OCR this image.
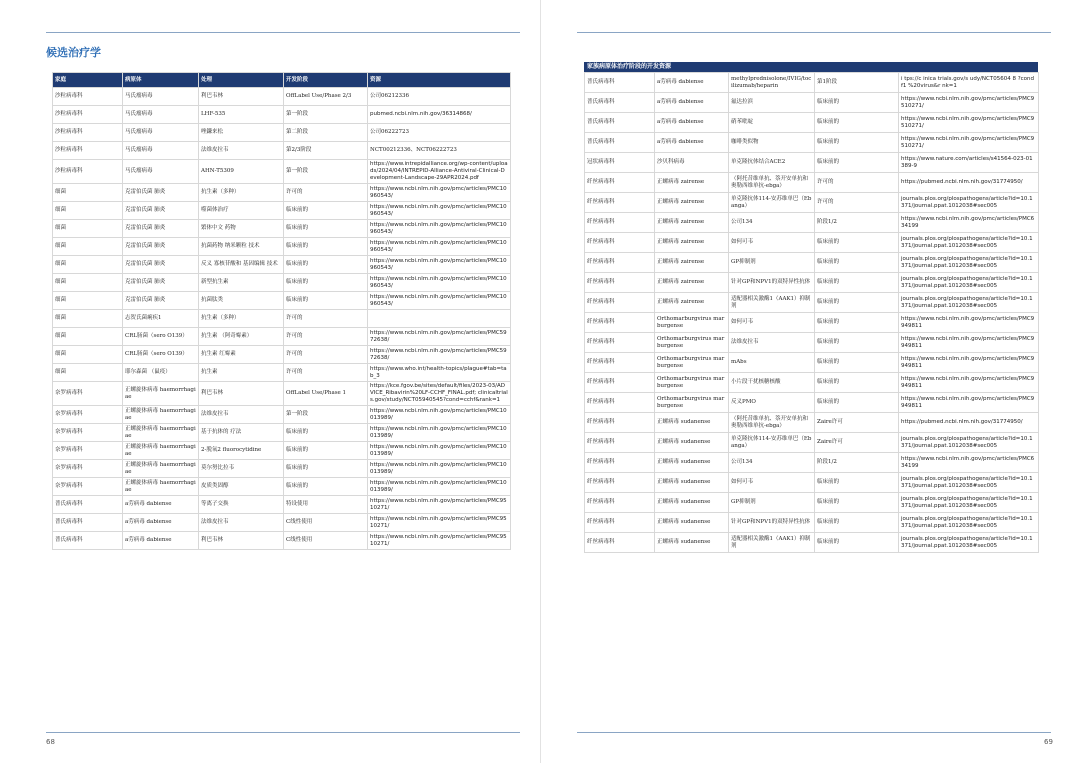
候选治疗学
家庭	病原体	处理	开发阶段	资源
沙粒病毒科	马氏瘤病毒	利巴韦林	OffLabel Use/Phase 2/3	公司06212336
沙粒病毒科	马氏瘤病毒	LHF-535	第一阶段	pubmed.ncbi.nlm.nih.gov/36314868/
沙粒病毒科	马氏瘤病毒	唑鎌来松	第二阶段	公司06222723
沙粒病毒科	马氏瘤病毒	法维皮拉韦	第2/3阶段	NCT00212336、NCT06222723
沙粒病毒科	马氏瘤病毒	AHN-T5309	第一阶段	https://www.intrepidalliance.org/wp-content/uploads/2024/04/INTREPID-Alliance-Antiviral-Clinical-Development-Landscape-29APR2024.pdf
细菌	克雷伯氏菌 肺炎	抗生素（多种）	许可的	https://www.ncbi.nlm.nih.gov/pmc/articles/PMC10960543/
细菌	克雷伯氏菌 肺炎	噬菌体治疗	临床前的	https://www.ncbi.nlm.nih.gov/pmc/articles/PMC10960543/
细菌	克雷伯氏菌 肺炎	繁体中文 药物	临床前的	https://www.ncbi.nlm.nih.gov/pmc/articles/PMC10960543/
细菌	克雷伯氏菌 肺炎	抗菌药物 纳米颗粒 技术	临床前的	https://www.ncbi.nlm.nih.gov/pmc/articles/PMC10960543/
细菌	克雷伯氏菌 肺炎	反义 寡核苷酸和 基因编辑 技术	临床前的	https://www.ncbi.nlm.nih.gov/pmc/articles/PMC10960543/
细菌	克雷伯氏菌 肺炎	新型抗生素	临床前的	https://www.ncbi.nlm.nih.gov/pmc/articles/PMC10960543/
细菌	克雷伯氏菌 肺炎	抗菌肽类	临床前的	https://www.ncbi.nlm.nih.gov/pmc/articles/PMC10960543/
细菌	志贺氏菌痢疾1	抗生素（多种）	许可的	
细菌	CRL肠菌（sero O139）	抗生素 （阿奇霉素）	许可的	https://www.ncbi.nlm.nih.gov/pmc/articles/PMC5972638/
细菌	CRL肠菌（sero O139）	抗生素 红霉素	许可的	https://www.ncbi.nlm.nih.gov/pmc/articles/PMC5972638/
细菌	耶尔森菌 （鼠疫）	抗生素	许可的	https://www.who.int/health-topics/plague#tab=tab_3
奈罗病毒科	正螺旋体病毒 haemorrhagiae	利巴韦林	OffLabel Use/Phase 1	https://kce.fgov.be/sites/default/files/2023-03/ADVICE_Ribavirin%20LF-CCHF_FINAL.pdf; clinicaltrials.gov/study/NCT05940545?cond=cchf&rank=1
奈罗病毒科	正螺旋体病毒 haemorrhagiae	法维皮拉韦	第一阶段	https://www.ncbi.nlm.nih.gov/pmc/articles/PMC10013989/
奈罗病毒科	正螺旋体病毒 haemorrhagiae	基于抗体的 疗法	临床前的	https://www.ncbi.nlm.nih.gov/pmc/articles/PMC10013989/
奈罗病毒科	正螺旋体病毒 haemorrhagiae	2-脱氧2 fluorocytidine	临床前的	https://www.ncbi.nlm.nih.gov/pmc/articles/PMC10013989/
奈罗病毒科	正螺旋体病毒 haemorrhagiae	莫尔努比拉韦	临床前的	https://www.ncbi.nlm.nih.gov/pmc/articles/PMC10013989/
奈罗病毒科	正螺旋体病毒 haemorrhagiae	皮质类固醇	临床前的	https://www.ncbi.nlm.nih.gov/pmc/articles/PMC10013989/
普氏病毒科	a劳病毒 dabiense	等离子交换	特设使用	https://www.ncbi.nlm.nih.gov/pmc/articles/PMC9510271/
普氏病毒科	a劳病毒 dabiense	法维皮拉韦	C线性使用	https://www.ncbi.nlm.nih.gov/pmc/articles/PMC9510271/
普氏病毒科	a劳病毒 dabiense	利巴韦林	C线性使用	https://www.ncbi.nlm.nih.gov/pmc/articles/PMC9510271/
68	69
家族病原体治疗阶段的开发资源
普氏病毒科	a劳病毒 dabiense	methylprednisolone/IVIG/tocilizumab/heparin	第1阶段	i tps://c inica trials.gov/s udy/NCT05604 8 ?cond f1 %20virus&r nk=1
普氏病毒科	a劳病毒 dabiense	氟达拉滨	临床前的	https://www.ncbi.nlm.nih.gov/pmc/articles/PMC9510271/
普氏病毒科	a劳病毒 dabiense	硝苯吡啶	临床前的	https://www.ncbi.nlm.nih.gov/pmc/articles/PMC9510271/
普氏病毒科	a劳病毒 dabiense	咖啡类似物	临床前的	https://www.ncbi.nlm.nih.gov/pmc/articles/PMC9510271/
冠状病毒科	沙贝科病毒	单克隆抗体结合ACE2	临床前的	https://www.nature.com/articles/s41564-023-01389-9
纤丝病毒科	正螺病毒 zairense	（阿托昔维单抗、萘开安单抗和奥勒西维单抗-ebga）	许可的	https://pubmed.ncbi.nlm.nih.gov/31774950/
纤丝病毒科	正螺病毒 zairense	单克隆抗体114-安苏维单巴（Ebanga）	许可的	journals.plos.org/plospathogens/article?id=10.1371/journal.ppat.1012038#sec005
纤丝病毒科	正螺病毒 zairense	公司134	阶段1/2	https://www.ncbi.nlm.nih.gov/pmc/articles/PMC634199
纤丝病毒科	正螺病毒 zairense	如何可韦	临床前的	journals.plos.org/plospathogens/article?id=10.1371/journal.ppat.1012038#sec005
纤丝病毒科	正螺病毒 zairense	GP抑制剂	临床前的	journals.plos.org/plospathogens/article?id=10.1371/journal.ppat.1012038#sec005
纤丝病毒科	正螺病毒 zairense	针对GP和NPV1的双特异性抗体	临床前的	journals.plos.org/plospathogens/article?id=10.1371/journal.ppat.1012038#sec005
纤丝病毒科	正螺病毒 zairense	适配器相关激酶1（AAK1）抑制剂	临床前的	journals.plos.org/plospathogens/article?id=10.1371/journal.ppat.1012038#sec005
纤丝病毒科	Orthomarburgvirus marburgense	如何可韦	临床前的	https://www.ncbi.nlm.nih.gov/pmc/articles/PMC9949811
纤丝病毒科	Orthomarburgvirus marburgense	法维皮拉韦	临床前的	https://www.ncbi.nlm.nih.gov/pmc/articles/PMC9949811
纤丝病毒科	Orthomarburgvirus marburgense	mAbs	临床前的	https://www.ncbi.nlm.nih.gov/pmc/articles/PMC9949811
纤丝病毒科	Orthomarburgvirus marburgense	小片段干扰核糖核酸	临床前的	https://www.ncbi.nlm.nih.gov/pmc/articles/PMC9949811
纤丝病毒科	Orthomarburgvirus marburgense	反义PMO	临床前的	https://www.ncbi.nlm.nih.gov/pmc/articles/PMC9949811
纤丝病毒科	正螺病毒 sudanense	（阿托昔维单抗、萘开安单抗和奥勒西维单抗-ebga）	Zaire许可	https://pubmed.ncbi.nlm.nih.gov/31774950/
纤丝病毒科	正螺病毒 sudanense	单克隆抗体114-安苏维单巴（Ebanga）	Zaire许可	journals.plos.org/plospathogens/article?id=10.1371/journal.ppat.1012038#sec005
纤丝病毒科	正螺病毒 sudanense	公司134	阶段1/2	https://www.ncbi.nlm.nih.gov/pmc/articles/PMC634199
纤丝病毒科	正螺病毒 sudanense	如何可韦	临床前的	journals.plos.org/plospathogens/article?id=10.1371/journal.ppat.1012038#sec005
纤丝病毒科	正螺病毒 sudanense	GP抑制剂	临床前的	journals.plos.org/plospathogens/article?id=10.1371/journal.ppat.1012038#sec005
纤丝病毒科	正螺病毒 sudanense	针对GP和NPV1的双特异性抗体	临床前的	journals.plos.org/plospathogens/article?id=10.1371/journal.ppat.1012038#sec005
纤丝病毒科	正螺病毒 sudanense	适配器相关激酶1（AAK1）抑制剂	临床前的	journals.plos.org/plospathogens/article?id=10.1371/journal.ppat.1012038#sec005
